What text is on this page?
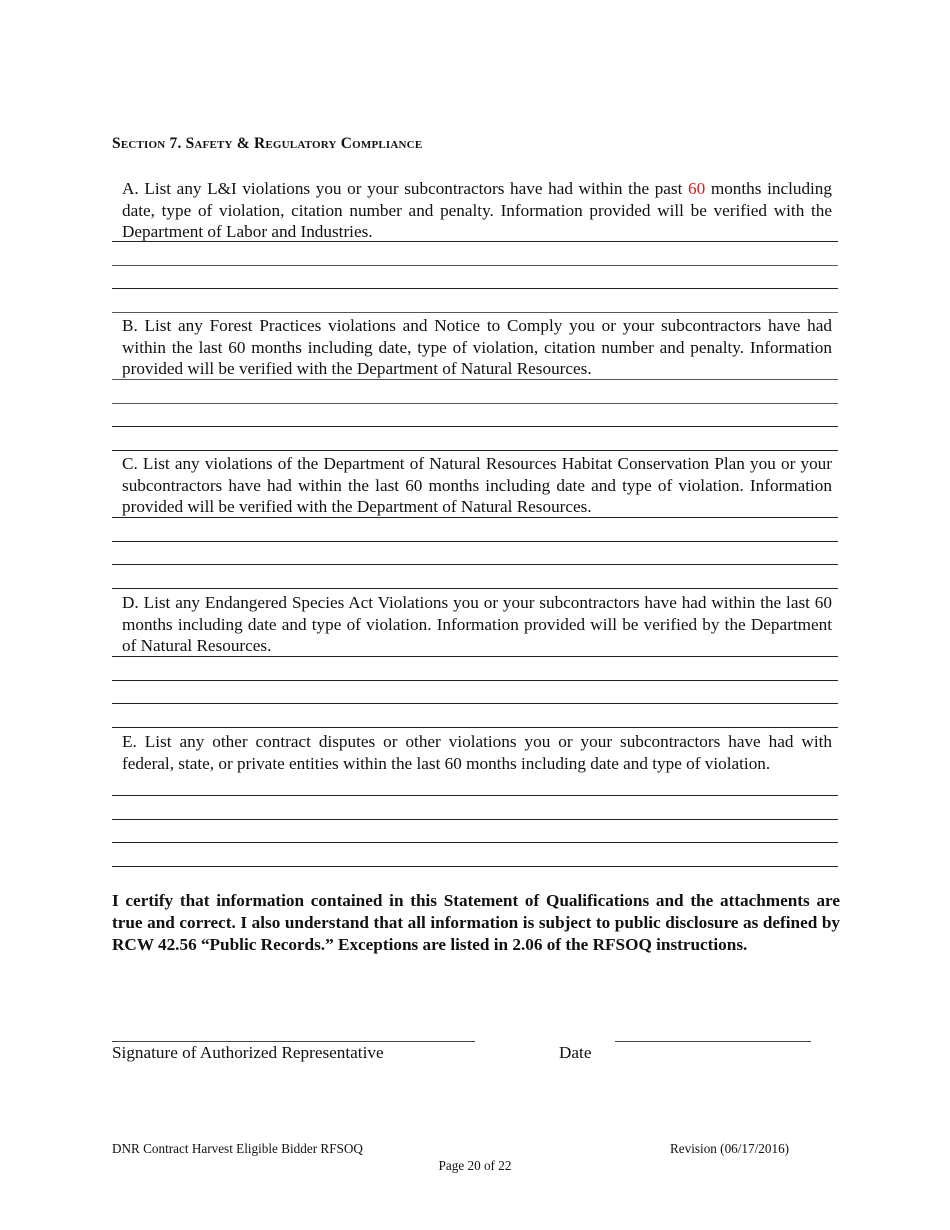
Section 7. Safety & Regulatory Compliance
A. List any L&I violations you or your subcontractors have had within the past 60 months including date, type of violation, citation number and penalty. Information provided will be verified with the Department of Labor and Industries.
B. List any Forest Practices violations and Notice to Comply you or your subcontractors have had within the last 60 months including date, type of violation, citation number and penalty. Information provided will be verified with the Department of Natural Resources.
C. List any violations of the Department of Natural Resources Habitat Conservation Plan you or your subcontractors have had within the last 60 months including date and type of violation. Information provided will be verified with the Department of Natural Resources.
D. List any Endangered Species Act Violations you or your subcontractors have had within the last 60 months including date and type of violation. Information provided will be verified by the Department of Natural Resources.
E. List any other contract disputes or other violations you or your subcontractors have had with federal, state, or private entities within the last 60 months including date and type of violation.
I certify that information contained in this Statement of Qualifications and the attachments are true and correct. I also understand that all information is subject to public disclosure as defined by RCW 42.56 “Public Records.” Exceptions are listed in 2.06 of the RFSOQ instructions.
Signature of Authorized Representative	Date
DNR Contract Harvest Eligible Bidder RFSOQ	Revision (06/17/2016)
Page 20 of 22
